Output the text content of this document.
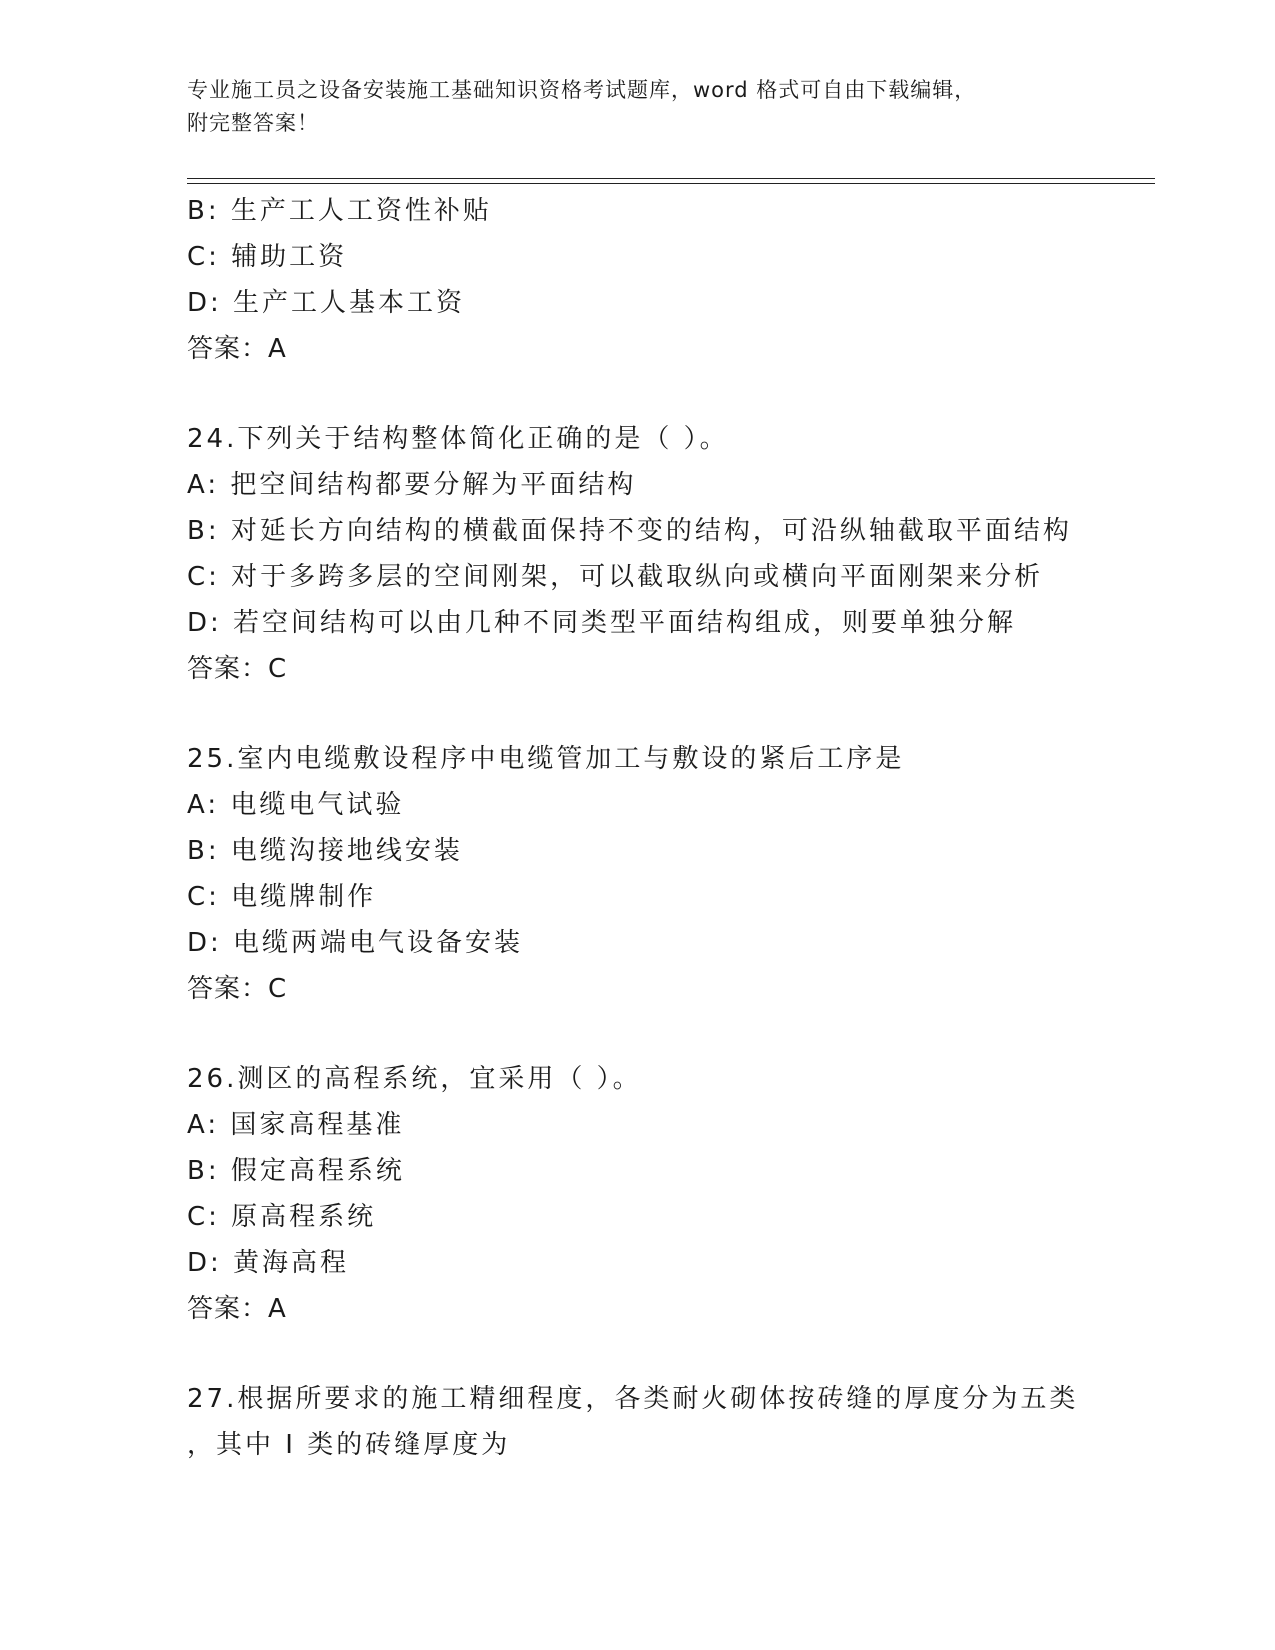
专业施工员之设备安装施工基础知识资格考试题库，word 格式可自由下载编辑，
附完整答案！
B: 生产工人工资性补贴
C: 辅助工资
D: 生产工人基本工资
答案：A
24.下列关于结构整体简化正确的是（ ）。
A: 把空间结构都要分解为平面结构
B: 对延长方向结构的横截面保持不变的结构，可沿纵轴截取平面结构
C: 对于多跨多层的空间刚架，可以截取纵向或横向平面刚架来分析
D: 若空间结构可以由几种不同类型平面结构组成，则要单独分解
答案：C
25.室内电缆敷设程序中电缆管加工与敷设的紧后工序是
A: 电缆电气试验
B: 电缆沟接地线安装
C: 电缆牌制作
D: 电缆两端电气设备安装
答案：C
26.测区的高程系统，宜采用（ ）。
A: 国家高程基准
B: 假定高程系统
C: 原高程系统
D: 黄海高程
答案：A
27.根据所要求的施工精细程度，各类耐火砌体按砖缝的厚度分为五类
，其中 I 类的砖缝厚度为
